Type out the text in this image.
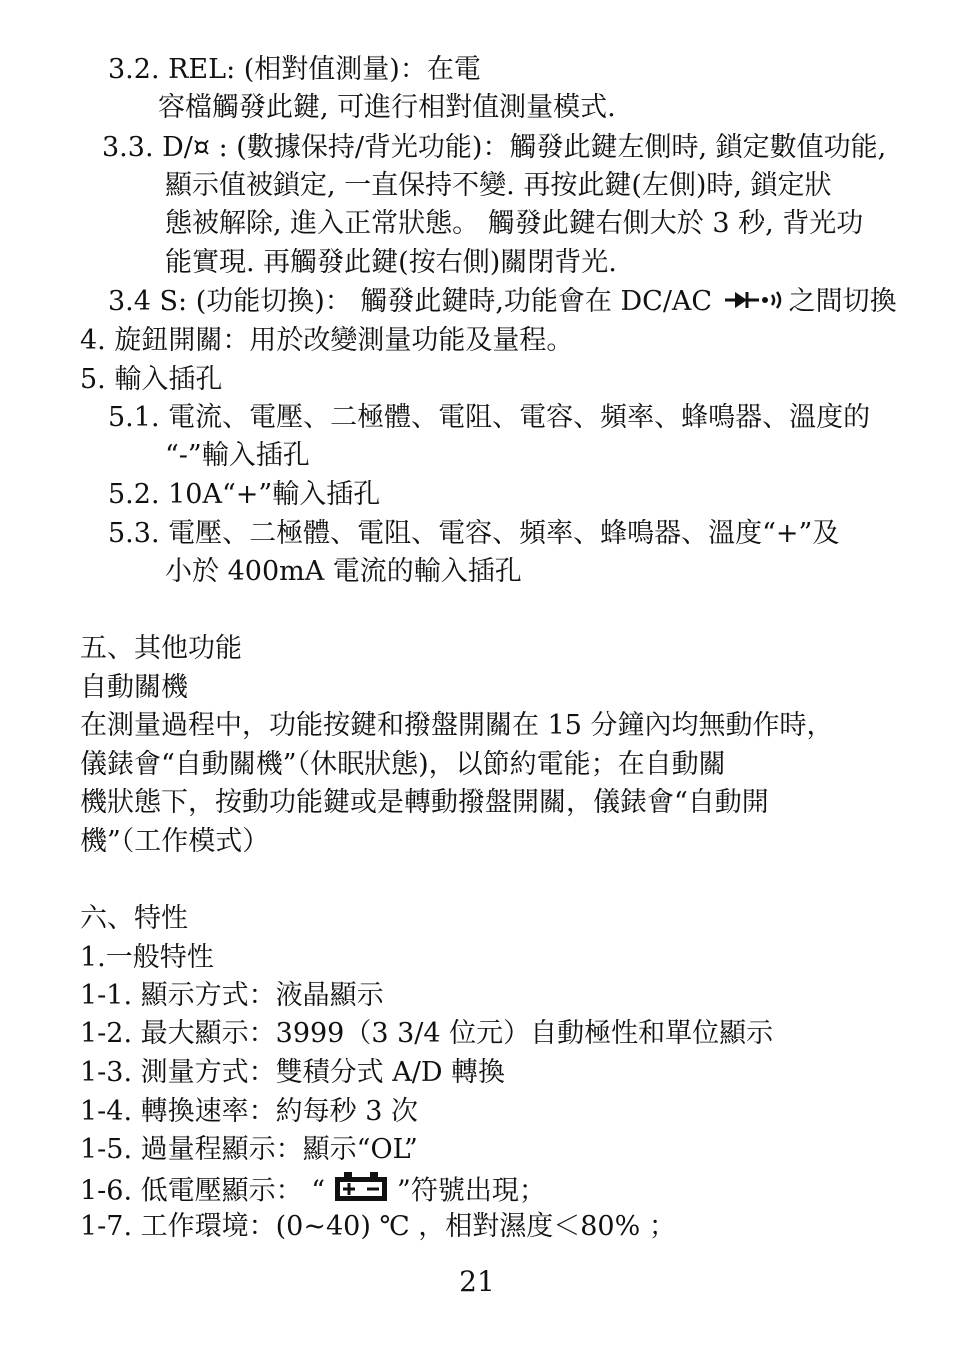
3.2. REL: (相對值測量)：在電
容檔觸發此鍵, 可進行相對值測量模式.
3.3. D/¤ : (數據保持/背光功能)：觸發此鍵左側時, 鎖定數值功能,
顯示值被鎖定, 一直保持不變. 再按此鍵(左側)時, 鎖定狀
態被解除, 進入正常狀態。 觸發此鍵右側大於 3 秒, 背光功
能實現. 再觸發此鍵(按右側)關閉背光.
3.4 S: (功能切換)： 觸發此鍵時,功能會在 DC/AC	之間切換
4. 旋鈕開關：用於改變測量功能及量程。
5. 輸入插孔
5.1. 電流、電壓、二極體、電阻、電容、頻率、蜂鳴器、溫度的
“-”輸入插孔
5.2. 10A“+”輸入插孔
5.3. 電壓、二極體、電阻、電容、頻率、蜂鳴器、溫度“+”及
小於 400mA 電流的輸入插孔
五、其他功能
自動關機
在測量過程中，功能按鍵和撥盤開關在 15 分鐘內均無動作時，
儀錶會“自動關機”（休眠狀態)，以節約電能；在自動關
機狀態下，按動功能鍵或是轉動撥盤開關，儀錶會“自動開
機”（工作模式）
六、特性
1.一般特性
1-1. 顯示方式：液晶顯示
1-2. 最大顯示：3999（3 3/4 位元）自動極性和單位顯示
1-3. 測量方式：雙積分式 A/D 轉換
1-4. 轉換速率：約每秒 3 次
1-5. 過量程顯示：顯示“OL”
1-6. 低電壓顯示： “	”符號出現；
1-7. 工作環境：(0~40) ℃ ，相對濕度＜80% ；
21
